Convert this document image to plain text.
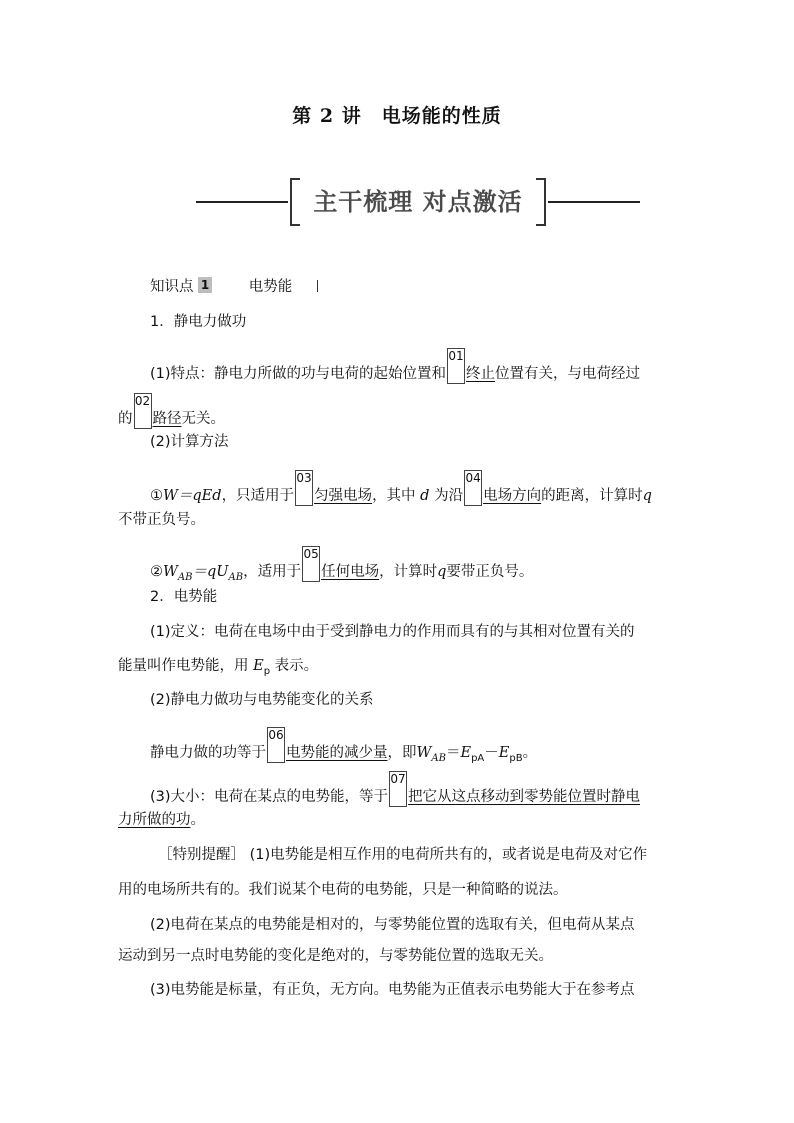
第 2 讲　电场能的性质
主干梳理 对点激活
知识点 1	电势能
1．静电力做功
(1)特点：静电力所做的功与电荷的起始位置和
01
终止位置有关，与电荷经过
的
02
路径无关。
(2)计算方法
①W＝qEd，只适用于
03
匀强电场，其中 d 为沿
04
电场方向的距离，计算时q
不带正负号。
$②W_{AB}=qU_{AB}$，适用于
05
任何电场，计算时q要带正负号。
2．电势能
(1)定义：电荷在电场中由于受到静电力的作用而具有的与其相对位置有关的
能量叫作电势能，用 $E_p$ 表示。
(2)静电力做功与电势能变化的关系
静电力做的功等于
06
电势能的减少量，即$W_{AB}=E_{pA}-E_{pB}$。
(3)大小：电荷在某点的电势能，等于
07
把它从这点移动到零势能位置时静电
力所做的功。
［特别提醒］ (1)电势能是相互作用的电荷所共有的，或者说是电荷及对它作
用的电场所共有的。我们说某个电荷的电势能，只是一种简略的说法。
(2)电荷在某点的电势能是相对的，与零势能位置的选取有关，但电荷从某点
运动到另一点时电势能的变化是绝对的，与零势能位置的选取无关。
(3)电势能是标量，有正负，无方向。电势能为正值表示电势能大于在参考点
